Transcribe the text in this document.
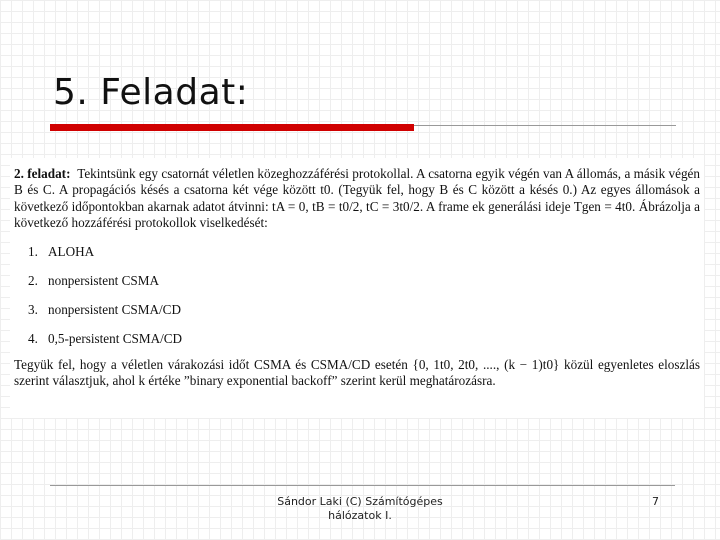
5. Feladat:

2. feladat: Tekintsünk egy csatornát véletlen közeghozzáférési protokollal. A csatorna egyik végén van A állomás, a másik végén B és C. A propagációs késés a csatorna két vége között t0. (Tegyük fel, hogy B és C között a késés 0.) Az egyes állomások a következő időpontokban akarnak adatot átvinni: tA = 0, tB = t0/2, tC = 3t0/2. A frame ek generálási ideje Tgen = 4t0. Ábrázolja a következő hozzáférési protokollok viselkedését:

1. ALOHA
2. nonpersistent CSMA
3. nonpersistent CSMA/CD
4. 0,5-persistent CSMA/CD

Tegyük fel, hogy a véletlen várakozási időt CSMA és CSMA/CD esetén {0, 1t0, 2t0, ...., (k − 1)t0} közül egyenletes eloszlás szerint választjuk, ahol k értéke ”binary exponential backoff” szerint kerül meghatározásra.

Sándor Laki (C) Számítógépes
hálózatok I.
7
